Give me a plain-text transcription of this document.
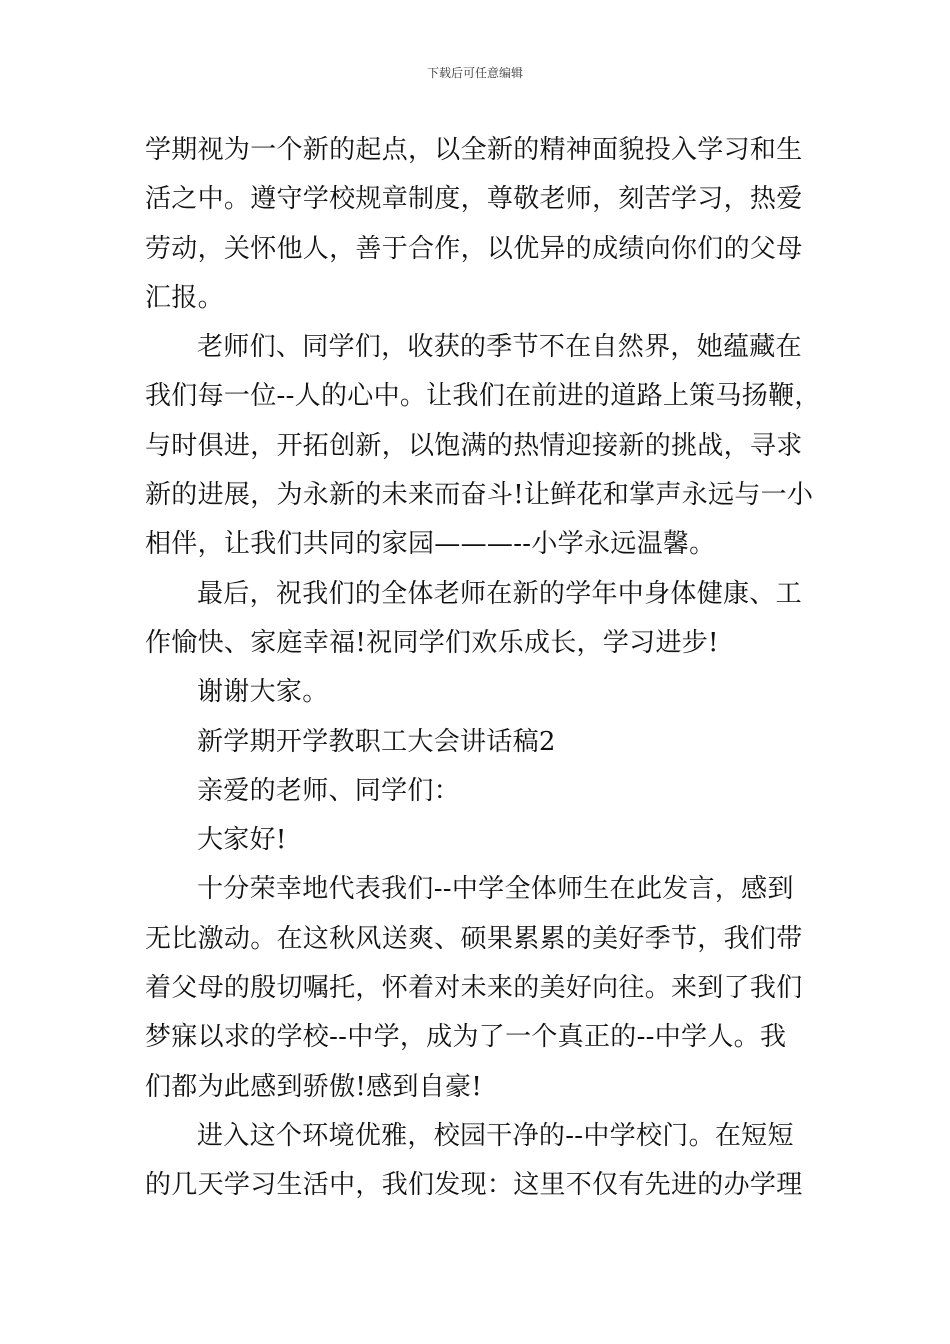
下载后可任意编辑
学期视为一个新的起点，以全新的精神面貌投入学习和生
活之中。遵守学校规章制度，尊敬老师，刻苦学习，热爱
劳动，关怀他人，善于合作，以优异的成绩向你们的父母
汇报。
老师们、同学们，收获的季节不在自然界，她蕴藏在
我们每一位--人的心中。让我们在前进的道路上策马扬鞭，
与时俱进，开拓创新，以饱满的热情迎接新的挑战，寻求
新的进展，为永新的未来而奋斗!让鲜花和掌声永远与一小
相伴，让我们共同的家园———--小学永远温馨。
最后，祝我们的全体老师在新的学年中身体健康、工
作愉快、家庭幸福!祝同学们欢乐成长，学习进步!
谢谢大家。
新学期开学教职工大会讲话稿2
亲爱的老师、同学们：
大家好!
十分荣幸地代表我们--中学全体师生在此发言，感到
无比激动。在这秋风送爽、硕果累累的美好季节，我们带
着父母的殷切嘱托，怀着对未来的美好向往。来到了我们
梦寐以求的学校--中学，成为了一个真正的--中学人。我
们都为此感到骄傲!感到自豪!
进入这个环境优雅，校园干净的--中学校门。在短短
的几天学习生活中，我们发现：这里不仅有先进的办学理
